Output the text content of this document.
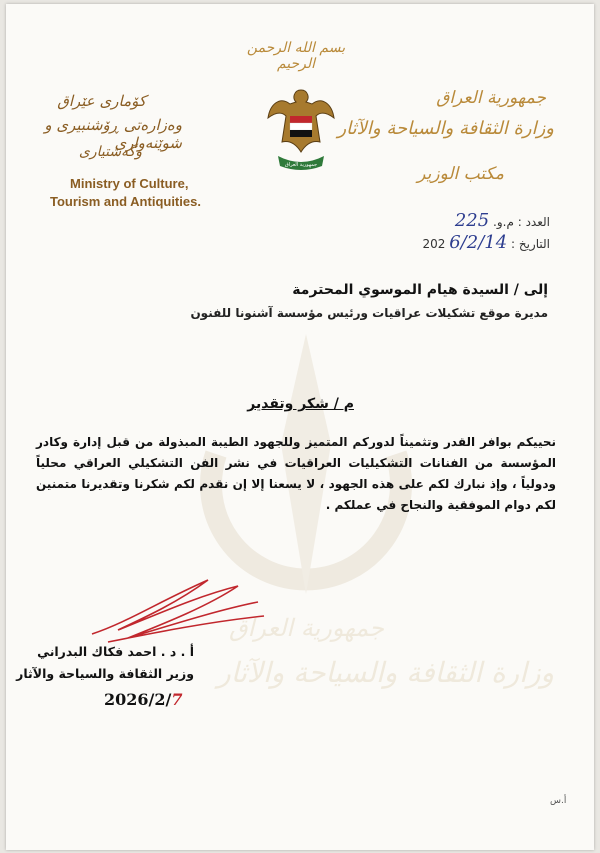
جمهورية العراق
وزارة الثقافة والسياحة والآثار
بسم الله الرحمن الرحيم
جمهورية العراق
جمهورية العراق
وزارة الثقافة والسياحة والآثار
مكتب الوزير
كۆماری عێراق
وەزارەتی ڕۆشنبیری و شوێنەواری
وگەشتیاری
Ministry of Culture,
Tourism and Antiquities.
العدد : م.و. 225
التاريخ : 202 6/2/14
إلى / السيدة هيام الموسوي المحترمة
مديرة موقع تشكيلات عراقيات ورئيس مؤسسة آشنونا للفنون
م / شكر وتقدير
نحييكم بوافر القدر وتثميناً لدوركم المتميز وللجهود الطيبة المبذولة من قبل إدارة وكادر المؤسسة من الفنانات التشكيليات العراقيات في نشر الفن التشكيلي العراقي محلياً ودولياً ، وإذ نبارك لكم على هذه الجهود ، لا يسعنا إلا إن نقدم لكم شكرنا وتقديرنا متمنين لكم دوام الموفقية والنجاح في عملكم .
أ . د . احمد فكاك البدراني
وزير الثقافة والسياحة والآثار
2026/2/7
أ.س
